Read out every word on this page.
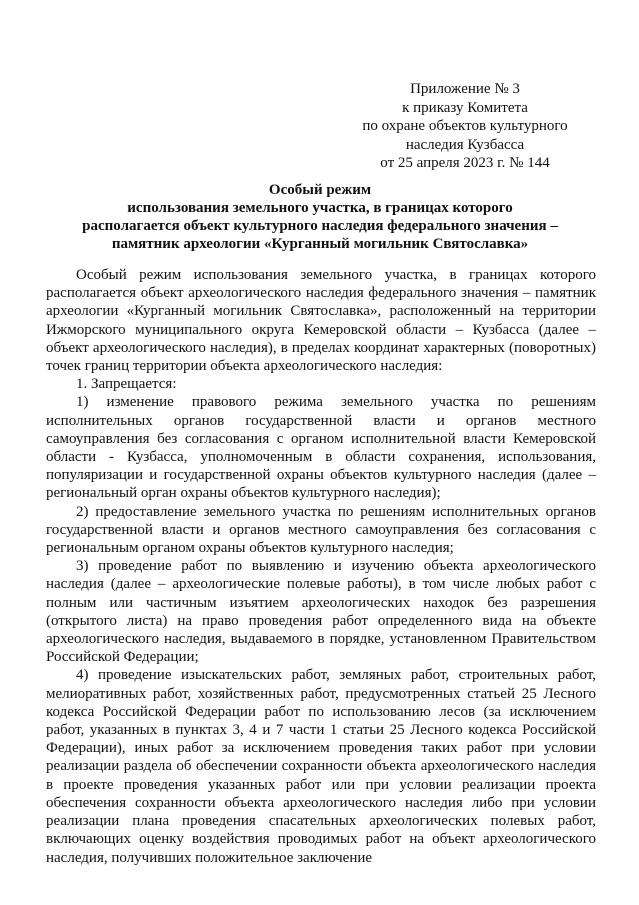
Приложение № 3
к приказу Комитета
по охране объектов культурного
наследия Кузбасса
от 25 апреля 2023 г. № 144
Особый режим
использования земельного участка, в границах которого
располагается объект культурного наследия федерального значения –
памятник археологии «Курганный могильник Святославка»

Особый режим использования земельного участка, в границах которого располагается объект археологического наследия федерального значения – памятник археологии «Курганный могильник Святославка», расположенный на территории Ижморского муниципального округа Кемеровской области – Кузбасса (далее – объект археологического наследия), в пределах координат характерных (поворотных) точек границ территории объекта археологического наследия:

1. Запрещается:

1) изменение правового режима земельного участка по решениям исполнительных органов государственной власти и органов местного самоуправления без согласования с органом исполнительной власти Кемеровской области - Кузбасса, уполномоченным в области сохранения, использования, популяризации и государственной охраны объектов культурного наследия (далее – региональный орган охраны объектов культурного наследия);

2) предоставление земельного участка по решениям исполнительных органов государственной власти и органов местного самоуправления без согласования с региональным органом охраны объектов культурного наследия;

3) проведение работ по выявлению и изучению объекта археологического наследия (далее – археологические полевые работы), в том числе любых работ с полным или частичным изъятием археологических находок без разрешения (открытого листа) на право проведения работ определенного вида на объекте археологического наследия, выдаваемого в порядке, установленном Правительством Российской Федерации;

4) проведение изыскательских работ, земляных работ, строительных работ, мелиоративных работ, хозяйственных работ, предусмотренных статьей 25 Лесного кодекса Российской Федерации работ по использованию лесов (за исключением работ, указанных в пунктах 3, 4 и 7 части 1 статьи 25 Лесного кодекса Российской Федерации), иных работ за исключением проведения таких работ при условии реализации раздела об обеспечении сохранности объекта археологического наследия в проекте проведения указанных работ или при условии реализации проекта обеспечения сохранности объекта археологического наследия либо при условии реализации плана проведения спасательных археологических полевых работ, включающих оценку воздействия проводимых работ на объект археологического наследия, получивших положительное заключение
